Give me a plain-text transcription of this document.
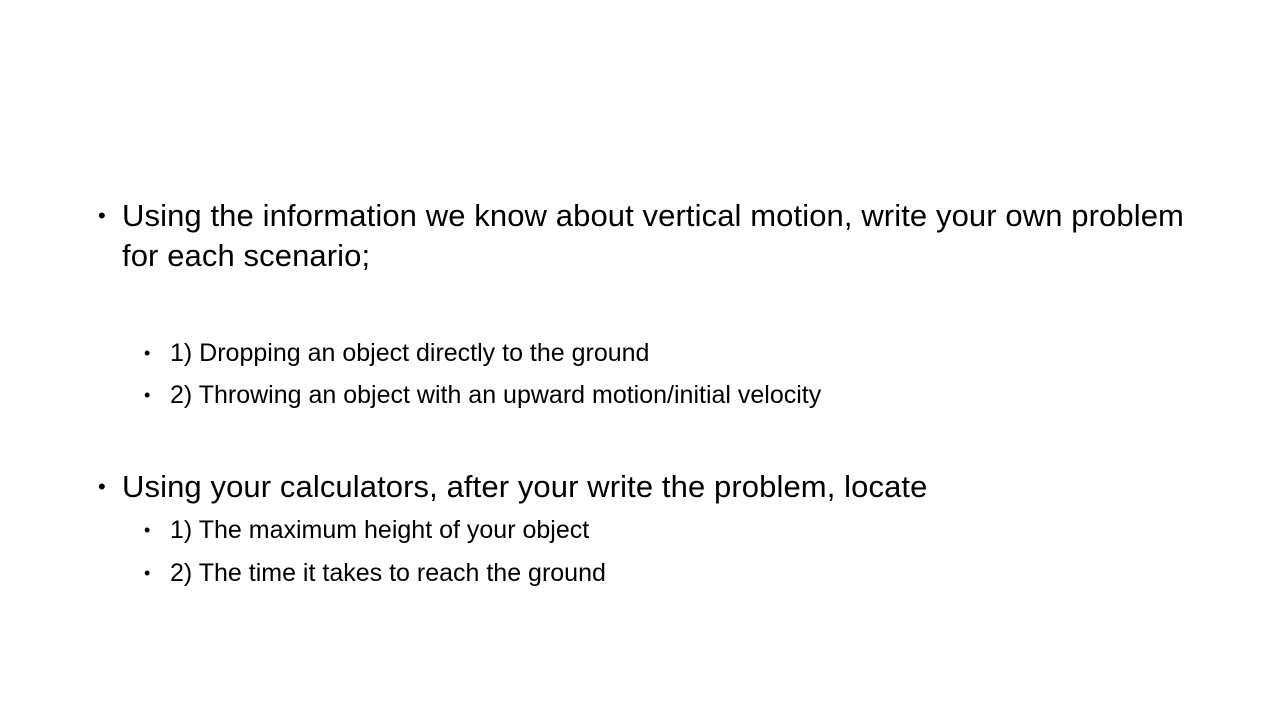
• Using the information we know about vertical motion, write your own problem for each scenario;
• 1) Dropping an object directly to the ground
• 2) Throwing an object with an upward motion/initial velocity
• Using your calculators, after your write the problem, locate
• 1) The maximum height of your object
• 2) The time it takes to reach the ground
